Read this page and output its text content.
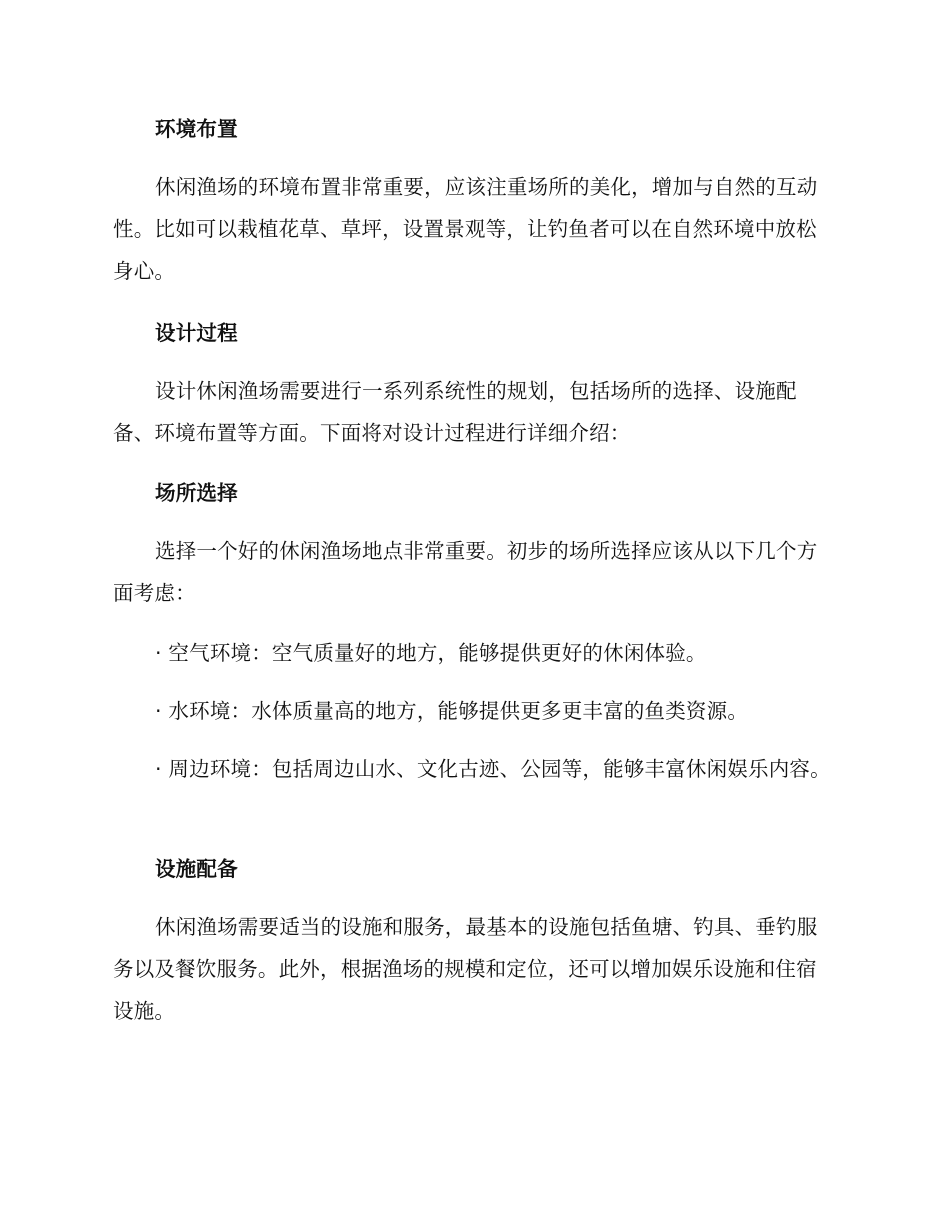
环境布置
休闲渔场的环境布置非常重要，应该注重场所的美化，增加与自然的互动性。比如可以栽植花草、草坪，设置景观等，让钓鱼者可以在自然环境中放松身心。
设计过程
设计休闲渔场需要进行一系列系统性的规划，包括场所的选择、设施配备、环境布置等方面。下面将对设计过程进行详细介绍：
场所选择
选择一个好的休闲渔场地点非常重要。初步的场所选择应该从以下几个方面考虑：
· 空气环境：空气质量好的地方，能够提供更好的休闲体验。
· 水环境：水体质量高的地方，能够提供更多更丰富的鱼类资源。
· 周边环境：包括周边山水、文化古迹、公园等，能够丰富休闲娱乐内容。
设施配备
休闲渔场需要适当的设施和服务，最基本的设施包括鱼塘、钓具、垂钓服务以及餐饮服务。此外，根据渔场的规模和定位，还可以增加娱乐设施和住宿设施。
